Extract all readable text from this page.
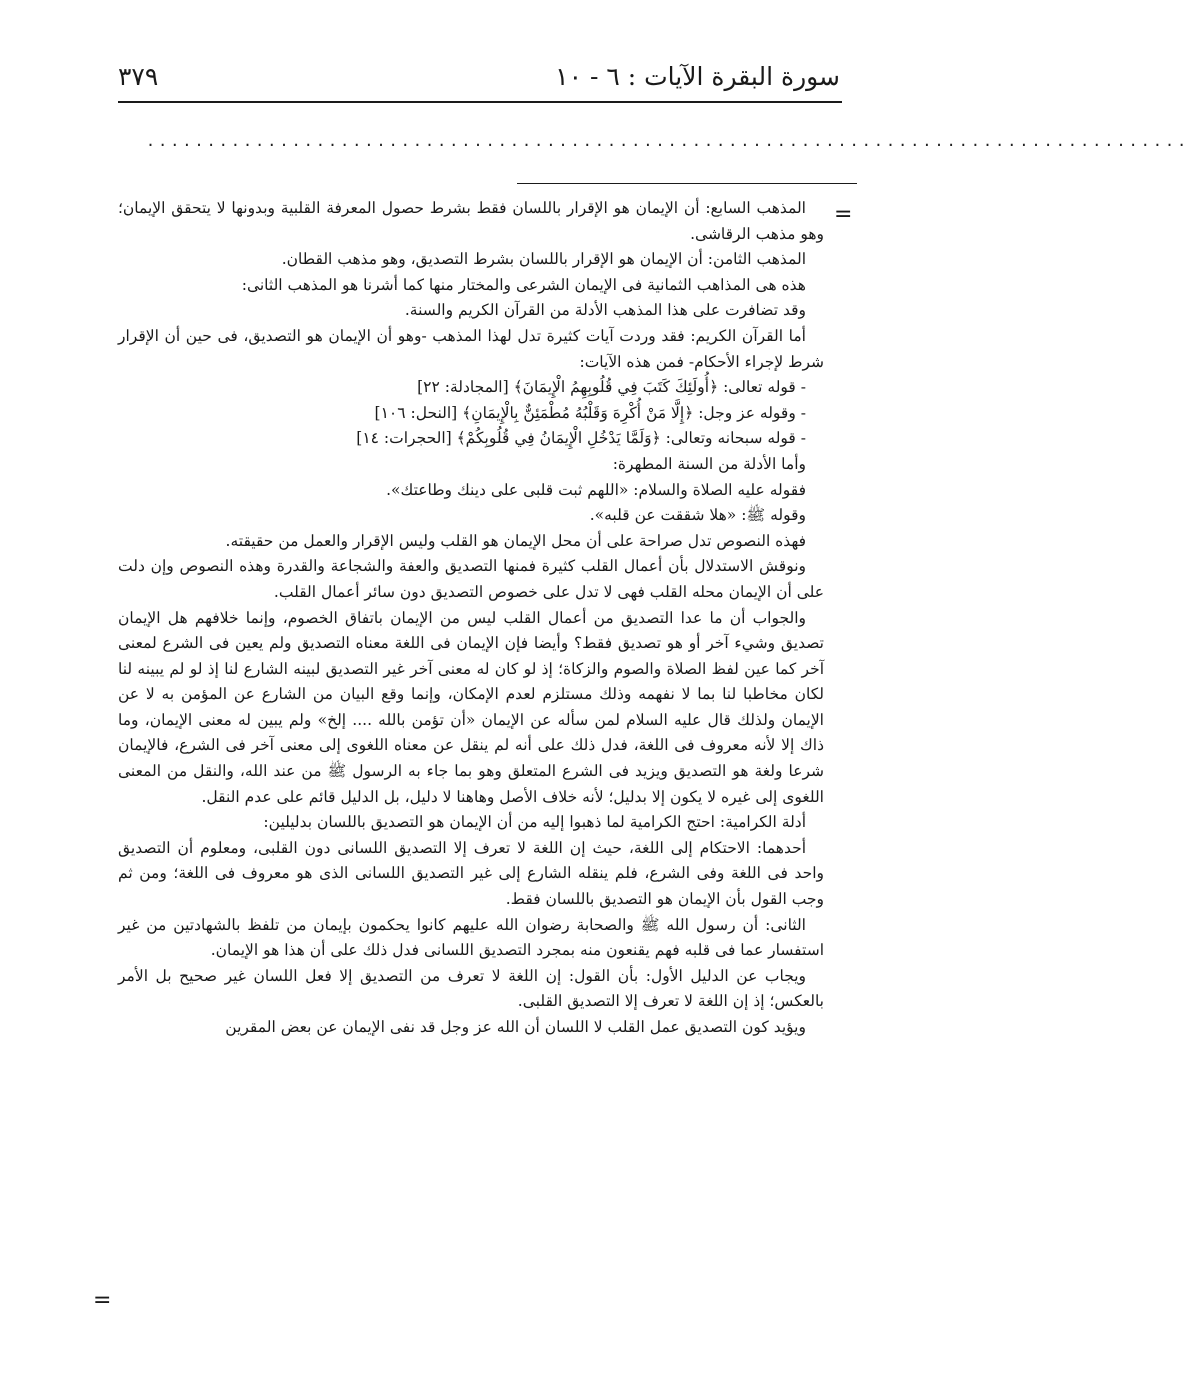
سورة البقرة الآيات : ٦ - ١٠
٣٧٩
......................................................................................
=
=

المذهب السابع: أن الإيمان هو الإقرار باللسان فقط بشرط حصول المعرفة القلبية وبدونها لا يتحقق الإيمان؛ وهو مذهب الرقاشى.

المذهب الثامن: أن الإيمان هو الإقرار باللسان بشرط التصديق، وهو مذهب القطان.

هذه هى المذاهب الثمانية فى الإيمان الشرعى والمختار منها كما أشرنا هو المذهب الثانى:

وقد تضافرت على هذا المذهب الأدلة من القرآن الكريم والسنة.

أما القرآن الكريم: فقد وردت آيات كثيرة تدل لهذا المذهب -وهو أن الإيمان هو التصديق، فى حين أن الإقرار شرط لإجراء الأحكام- فمن هذه الآيات:

- قوله تعالى: ﴿أُولَئِكَ كَتَبَ فِي قُلُوبِهِمُ الْإِيمَانَ﴾ [المجادلة: ٢٢]

- وقوله عز وجل: ﴿إِلَّا مَنْ أُكْرِهَ وَقَلْبُهُ مُطْمَئِنٌّ بِالْإِيمَانِ﴾ [النحل: ١٠٦]

- قوله سبحانه وتعالى: ﴿وَلَمَّا يَدْخُلِ الْإِيمَانُ فِي قُلُوبِكُمْ﴾ [الحجرات: ١٤]

وأما الأدلة من السنة المطهرة:

فقوله عليه الصلاة والسلام: «اللهم ثبت قلبى على دينك وطاعتك».

وقوله ﷺ: «هلا شققت عن قلبه».

فهذه النصوص تدل صراحة على أن محل الإيمان هو القلب وليس الإقرار والعمل من حقيقته.

ونوقش الاستدلال بأن أعمال القلب كثيرة فمنها التصديق والعفة والشجاعة والقدرة وهذه النصوص وإن دلت على أن الإيمان محله القلب فهى لا تدل على خصوص التصديق دون سائر أعمال القلب.

والجواب أن ما عدا التصديق من أعمال القلب ليس من الإيمان باتفاق الخصوم، وإنما خلافهم هل الإيمان تصديق وشيء آخر أو هو تصديق فقط؟ وأيضا فإن الإيمان فى اللغة معناه التصديق ولم يعين فى الشرع لمعنى آخر كما عين لفظ الصلاة والصوم والزكاة؛ إذ لو كان له معنى آخر غير التصديق لبينه الشارع لنا إذ لو لم يبينه لنا لكان مخاطبا لنا بما لا نفهمه وذلك مستلزم لعدم الإمكان، وإنما وقع البيان من الشارع عن المؤمن به لا عن الإيمان ولذلك قال عليه السلام لمن سأله عن الإيمان «أن تؤمن بالله .... إلخ» ولم يبين له معنى الإيمان، وما ذاك إلا لأنه معروف فى اللغة، فدل ذلك على أنه لم ينقل عن معناه اللغوى إلى معنى آخر فى الشرع، فالإيمان شرعا ولغة هو التصديق ويزيد فى الشرع المتعلق وهو بما جاء به الرسول ﷺ من عند الله، والنقل من المعنى اللغوى إلى غيره لا يكون إلا بدليل؛ لأنه خلاف الأصل وهاهنا لا دليل، بل الدليل قائم على عدم النقل.

أدلة الكرامية: احتج الكرامية لما ذهبوا إليه من أن الإيمان هو التصديق باللسان بدليلين:

أحدهما: الاحتكام إلى اللغة، حيث إن اللغة لا تعرف إلا التصديق اللسانى دون القلبى، ومعلوم أن التصديق واحد فى اللغة وفى الشرع، فلم ينقله الشارع إلى غير التصديق اللسانى الذى هو معروف فى اللغة؛ ومن ثم وجب القول بأن الإيمان هو التصديق باللسان فقط.

الثانى: أن رسول الله ﷺ والصحابة رضوان الله عليهم كانوا يحكمون بإيمان من تلفظ بالشهادتين من غير استفسار عما فى قلبه فهم يقنعون منه بمجرد التصديق اللسانى فدل ذلك على أن هذا هو الإيمان.

ويجاب عن الدليل الأول: بأن القول: إن اللغة لا تعرف من التصديق إلا فعل اللسان غير صحيح بل الأمر بالعكس؛ إذ إن اللغة لا تعرف إلا التصديق القلبى.

ويؤيد كون التصديق عمل القلب لا اللسان أن الله عز وجل قد نفى الإيمان عن بعض المقرين
